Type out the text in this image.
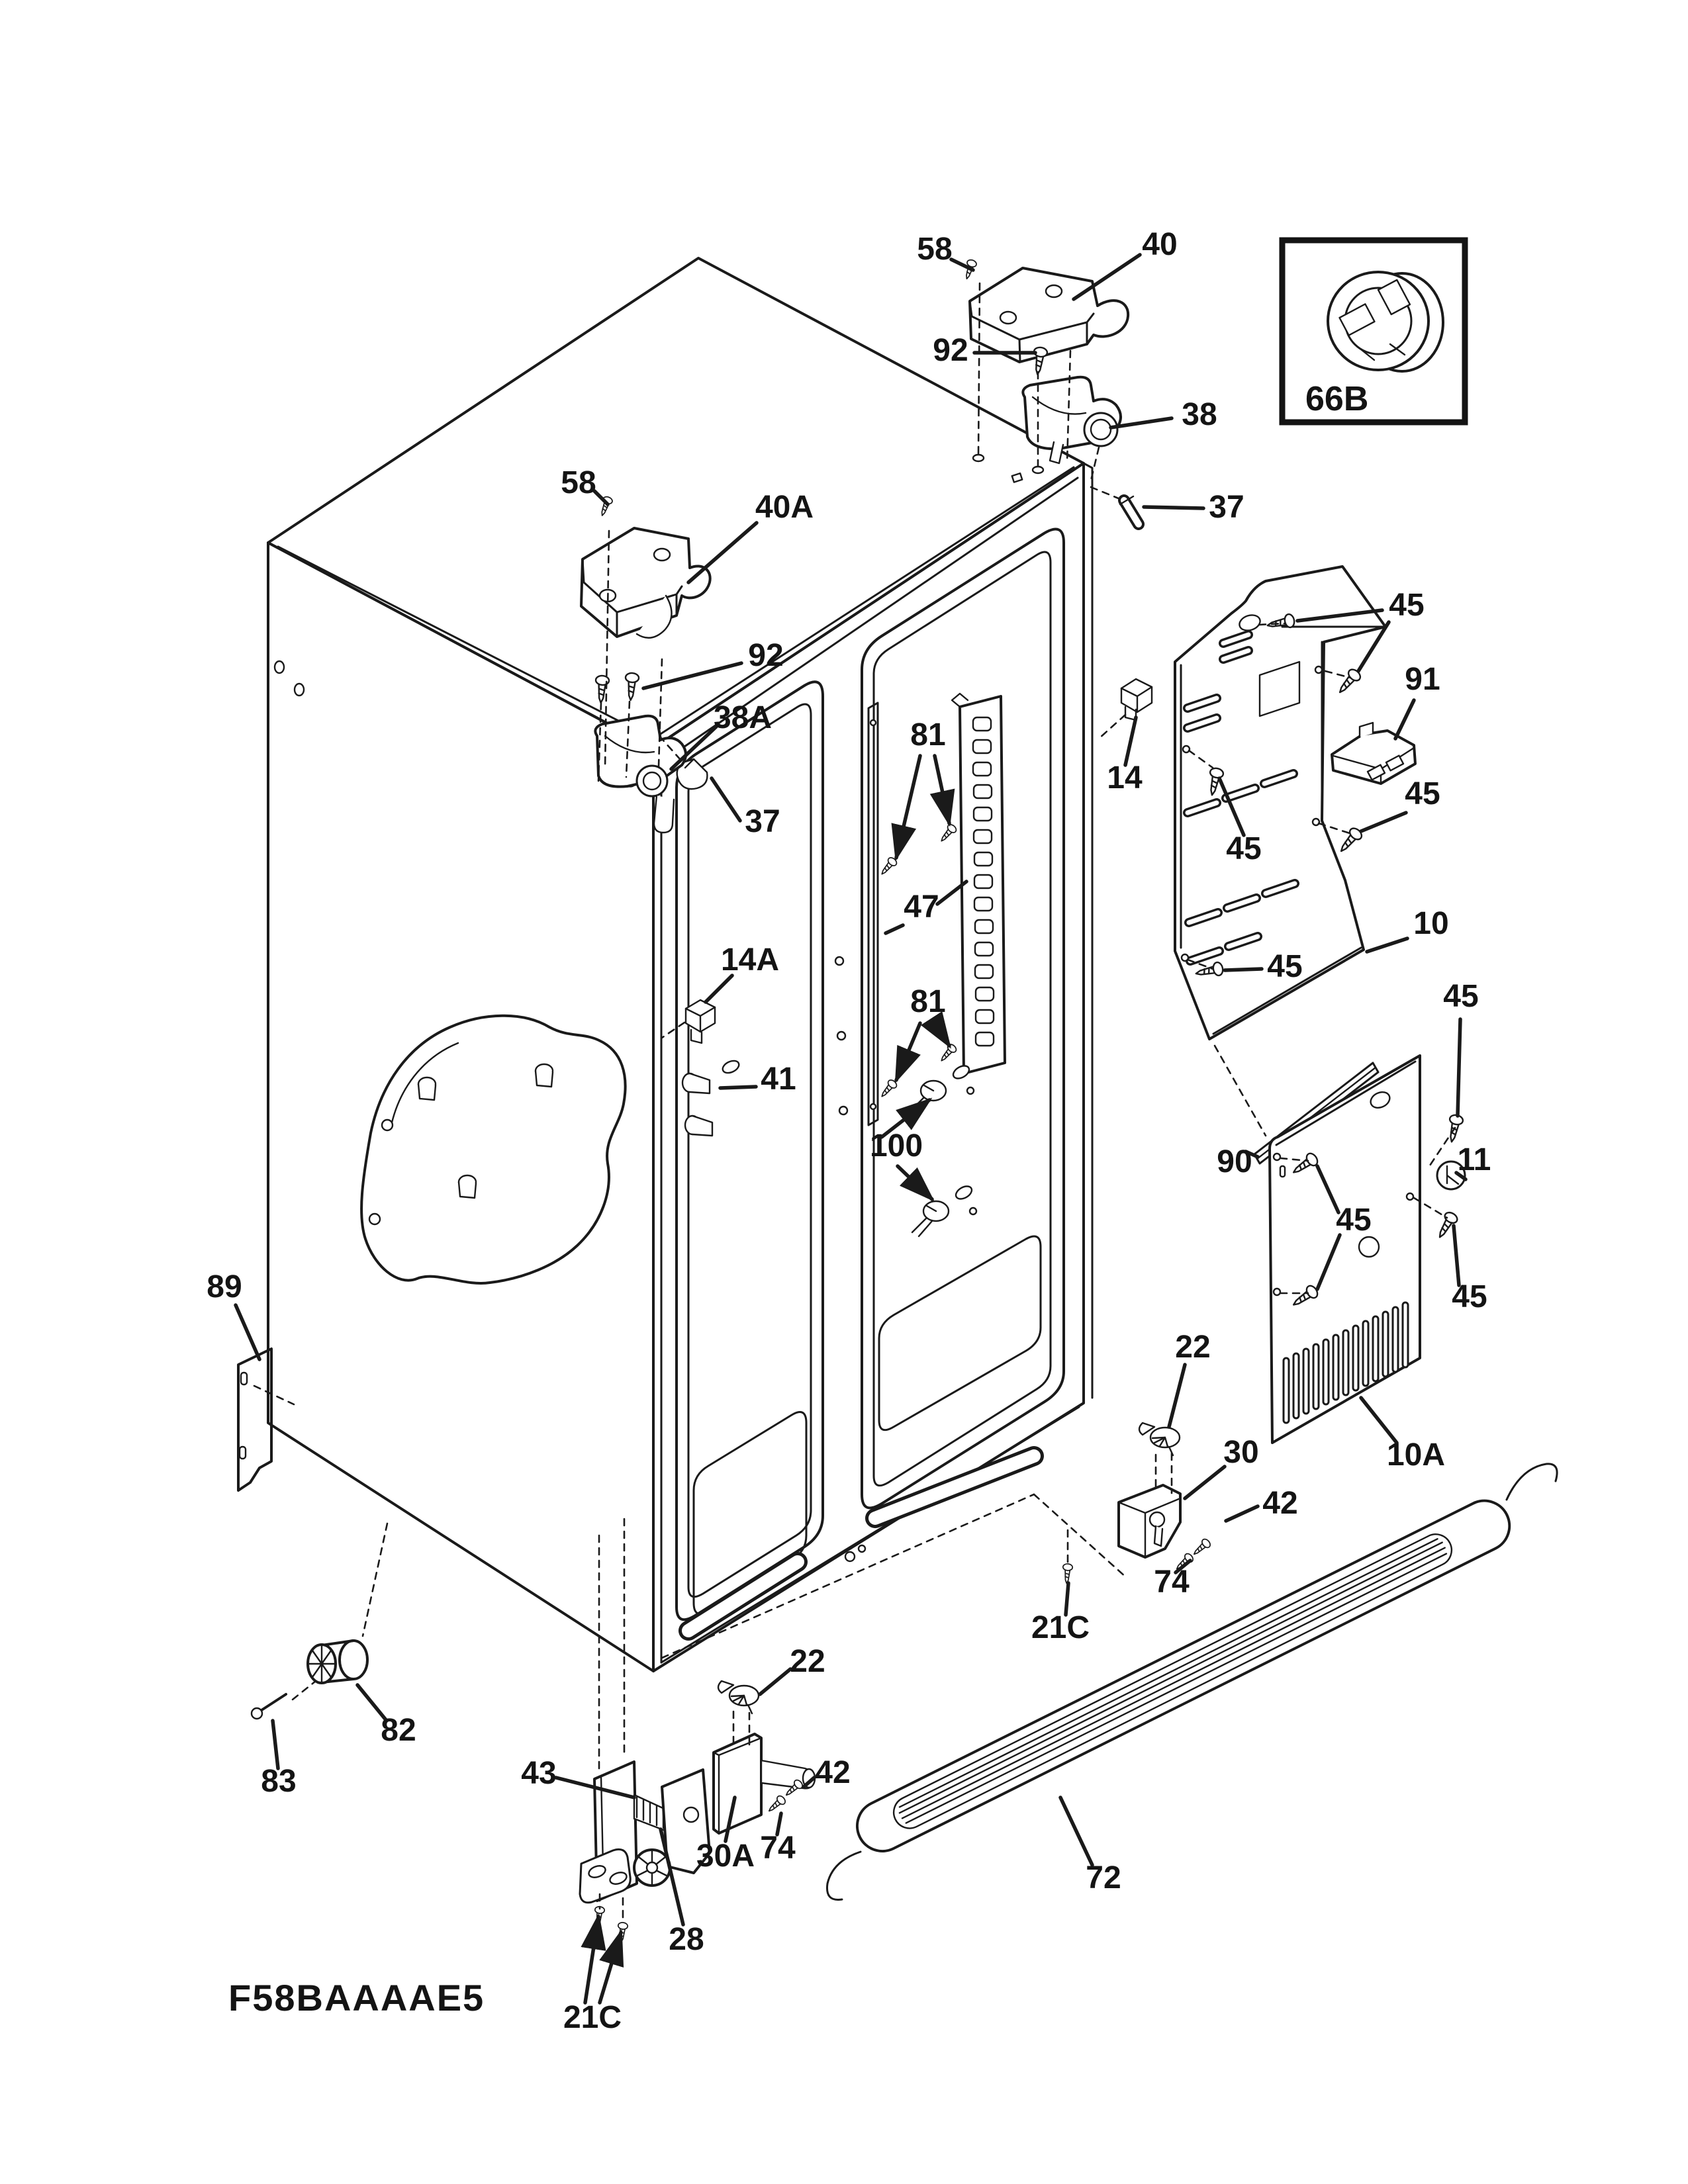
58	40
92
38
37
58
40A
92
38A
37
81
47
14A
41
81
100
14
45
91
45
45
10
45
45
90	11
45
45
10A
30
22
42
74
21C
72
89
82
83
22
43
30A 74
42
28
21C
66B
F58BAAAAE5
